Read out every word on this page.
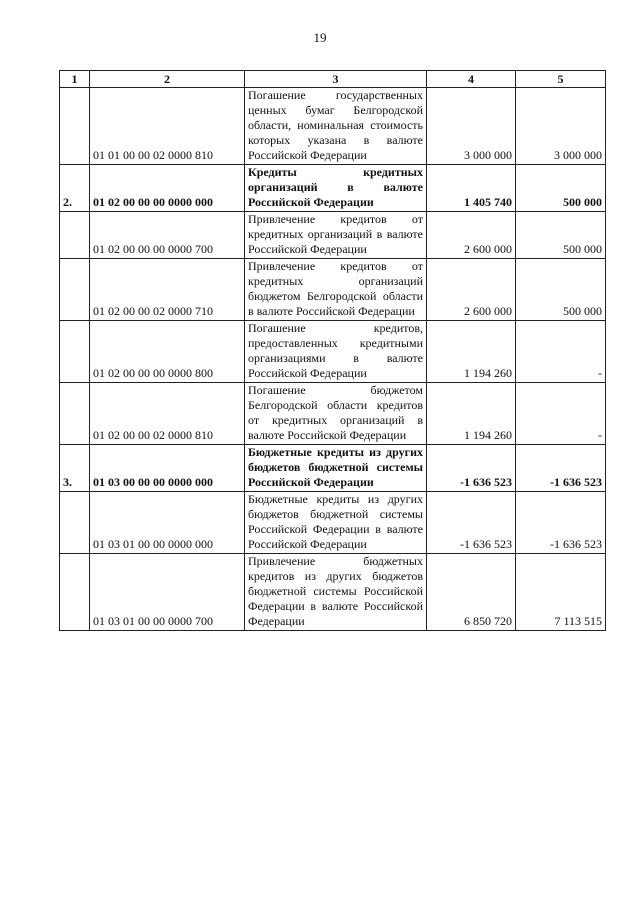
19
1	2	3	4	5
	01 01 00 00 02 0000 810	Погашение государственных ценных бумаг Белгородской области, номинальная стоимость которых указана в валюте Российской Федерации	3 000 000	3 000 000
2.	01 02 00 00 00 0000 000	Кредиты кредитных организаций в валюте Российской Федерации	1 405 740	500 000
	01 02 00 00 00 0000 700	Привлечение кредитов от кредитных организаций в валюте Российской Федерации	2 600 000	500 000
	01 02 00 00 02 0000 710	Привлечение кредитов от кредитных организаций бюджетом Белгородской области в валюте Российской Федерации	2 600 000	500 000
	01 02 00 00 00 0000 800	Погашение кредитов, предоставленных кредитными организациями в валюте Российской Федерации	1 194 260	-
	01 02 00 00 02 0000 810	Погашение бюджетом Белгородской области кредитов от кредитных организаций в валюте Российской Федерации	1 194 260	-
3.	01 03 00 00 00 0000 000	Бюджетные кредиты из других бюджетов бюджетной системы Российской Федерации	-1 636 523	-1 636 523
	01 03 01 00 00 0000 000	Бюджетные кредиты из других бюджетов бюджетной системы Российской Федерации в валюте Российской Федерации	-1 636 523	-1 636 523
	01 03 01 00 00 0000 700	Привлечение бюджетных кредитов из других бюджетов бюджетной системы Российской Федерации в валюте Российской Федерации	6 850 720	7 113 515
